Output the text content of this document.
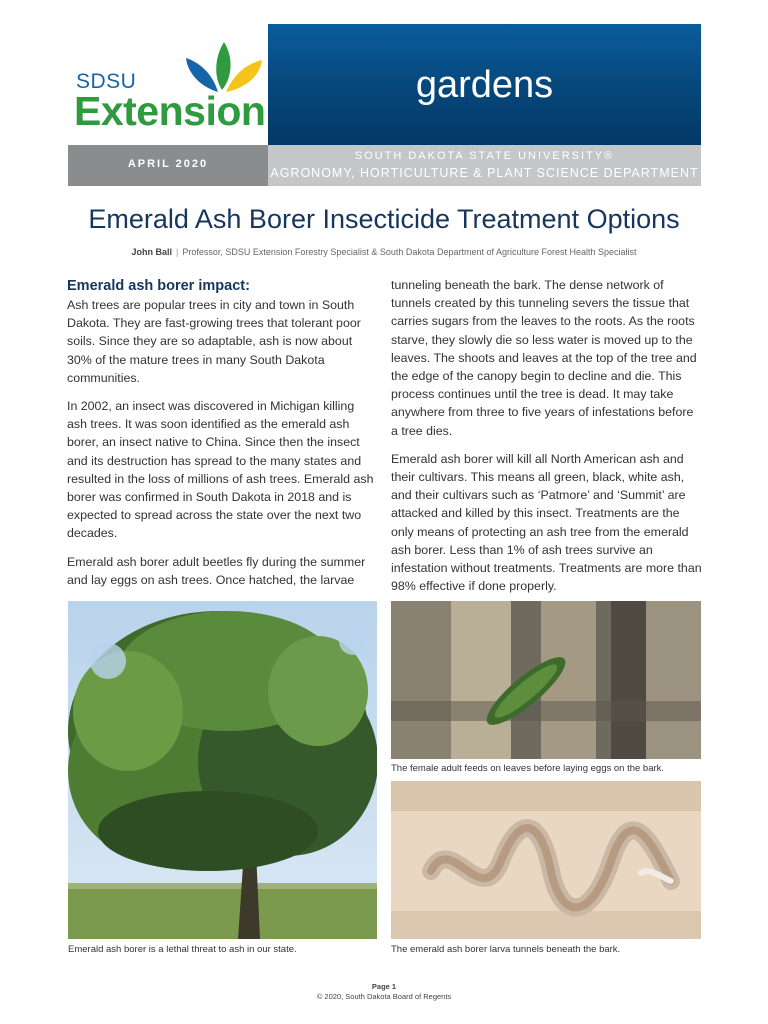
SDSU
Extension
gardens
APRIL 2020
SOUTH DAKOTA STATE UNIVERSITY®
AGRONOMY, HORTICULTURE & PLANT SCIENCE DEPARTMENT
Emerald Ash Borer Insecticide Treatment Options
John Ball | Professor, SDSU Extension Forestry Specialist & South Dakota Department of Agriculture Forest Health Specialist
Emerald ash borer impact:

Ash trees are popular trees in city and town in South Dakota. They are fast-growing trees that tolerant poor soils. Since they are so adaptable, ash is now about 30% of the mature trees in many South Dakota communities.

In 2002, an insect was discovered in Michigan killing ash trees. It was soon identified as the emerald ash borer, an insect native to China. Since then the insect and its destruction has spread to the many states and resulted in the loss of millions of ash trees. Emerald ash borer was confirmed in South Dakota in 2018 and is expected to spread across the state over the next two decades.

Emerald ash borer adult beetles fly during the summer and lay eggs on ash trees. Once hatched, the larvae

tunneling beneath the bark. The dense network of tunnels created by this tunneling severs the tissue that carries sugars from the leaves to the roots. As the roots starve, they slowly die so less water is moved up to the leaves. The shoots and leaves at the top of the tree and the edge of the canopy begin to decline and die. This process continues until the tree is dead. It may take anywhere from three to five years of infestations before a tree dies.

Emerald ash borer will kill all North American ash and their cultivars. This means all green, black, white ash, and their cultivars such as ‘Patmore’ and ‘Summit’ are attacked and killed by this insect. Treatments are the only means of protecting an ash tree from the emerald ash borer. Less than 1% of ash trees survive an infestation without treatments. Treatments are more than 98% effective if done properly.

Emerald ash borer is a lethal threat to ash in our state.
The female adult feeds on leaves before laying eggs on the bark.
The emerald ash borer larva tunnels beneath the bark.
Page 1
© 2020, South Dakota Board of Regents
